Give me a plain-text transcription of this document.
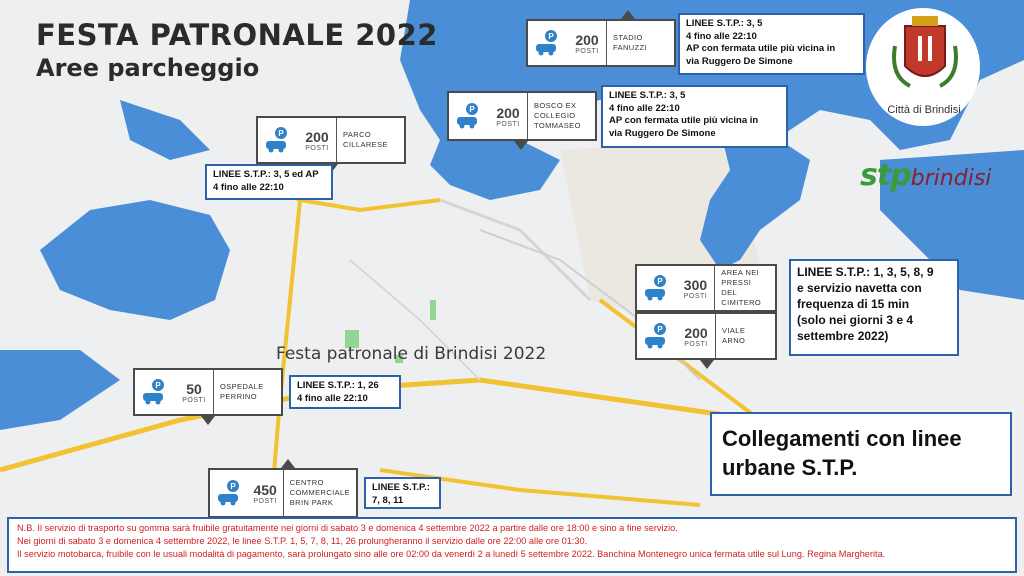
FESTA PATRONALE 2022
Aree parcheggio
Festa patronale di Brindisi 2022
Città di Brindisi
stpbrindisi
P 200
POSTI
STADIO
FANUZZI
P 200
POSTI
BOSCO EX
COLLEGIO
TOMMASEO
P 200
POSTI
PARCO
CILLARESE
P 300
POSTI
AREA NEI
PRESSI DEL
CIMITERO
P 200
POSTI
VIALE
ARNO
P 50
POSTI
OSPEDALE
PERRINO
P 450
POSTI
CENTRO
COMMERCIALE
BRIN PARK
LINEE S.T.P.: 3, 5
4 fino alle 22:10
AP con fermata utile più vicina in
via Ruggero De Simone
LINEE S.T.P.: 3, 5
4 fino alle 22:10
AP con fermata utile più vicina in
via Ruggero De Simone
LINEE S.T.P.: 3, 5 ed AP
4 fino alle 22:10
LINEE S.T.P.: 1, 3, 5, 8, 9
e servizio navetta con
frequenza di 15 min
(solo nei giorni 3 e 4
settembre 2022)
LINEE S.T.P.: 1, 26
4 fino alle 22:10
LINEE S.T.P.:
7, 8, 11
Collegamenti con linee
urbane S.T.P.
N.B. Il servizio di trasporto su gomma sarà fruibile gratuitamente nei giorni di sabato 3 e domenica 4 settembre 2022 a partire dalle ore 18:00 e sino a fine servizio.
Nei giorni di sabato 3 e domenica 4 settembre 2022, le linee S.T.P. 1, 5, 7, 8, 11, 26 prolungheranno il servizio dalle ore 22:00 alle ore 01:30.
Il servizio motobarca, fruibile con le usuali modalità di pagamento, sarà prolungato sino alle ore 02:00 da venerdì 2 a lunedì 5 settembre 2022. Banchina Montenegro unica fermata utile sul Lung. Regina Margherita.
